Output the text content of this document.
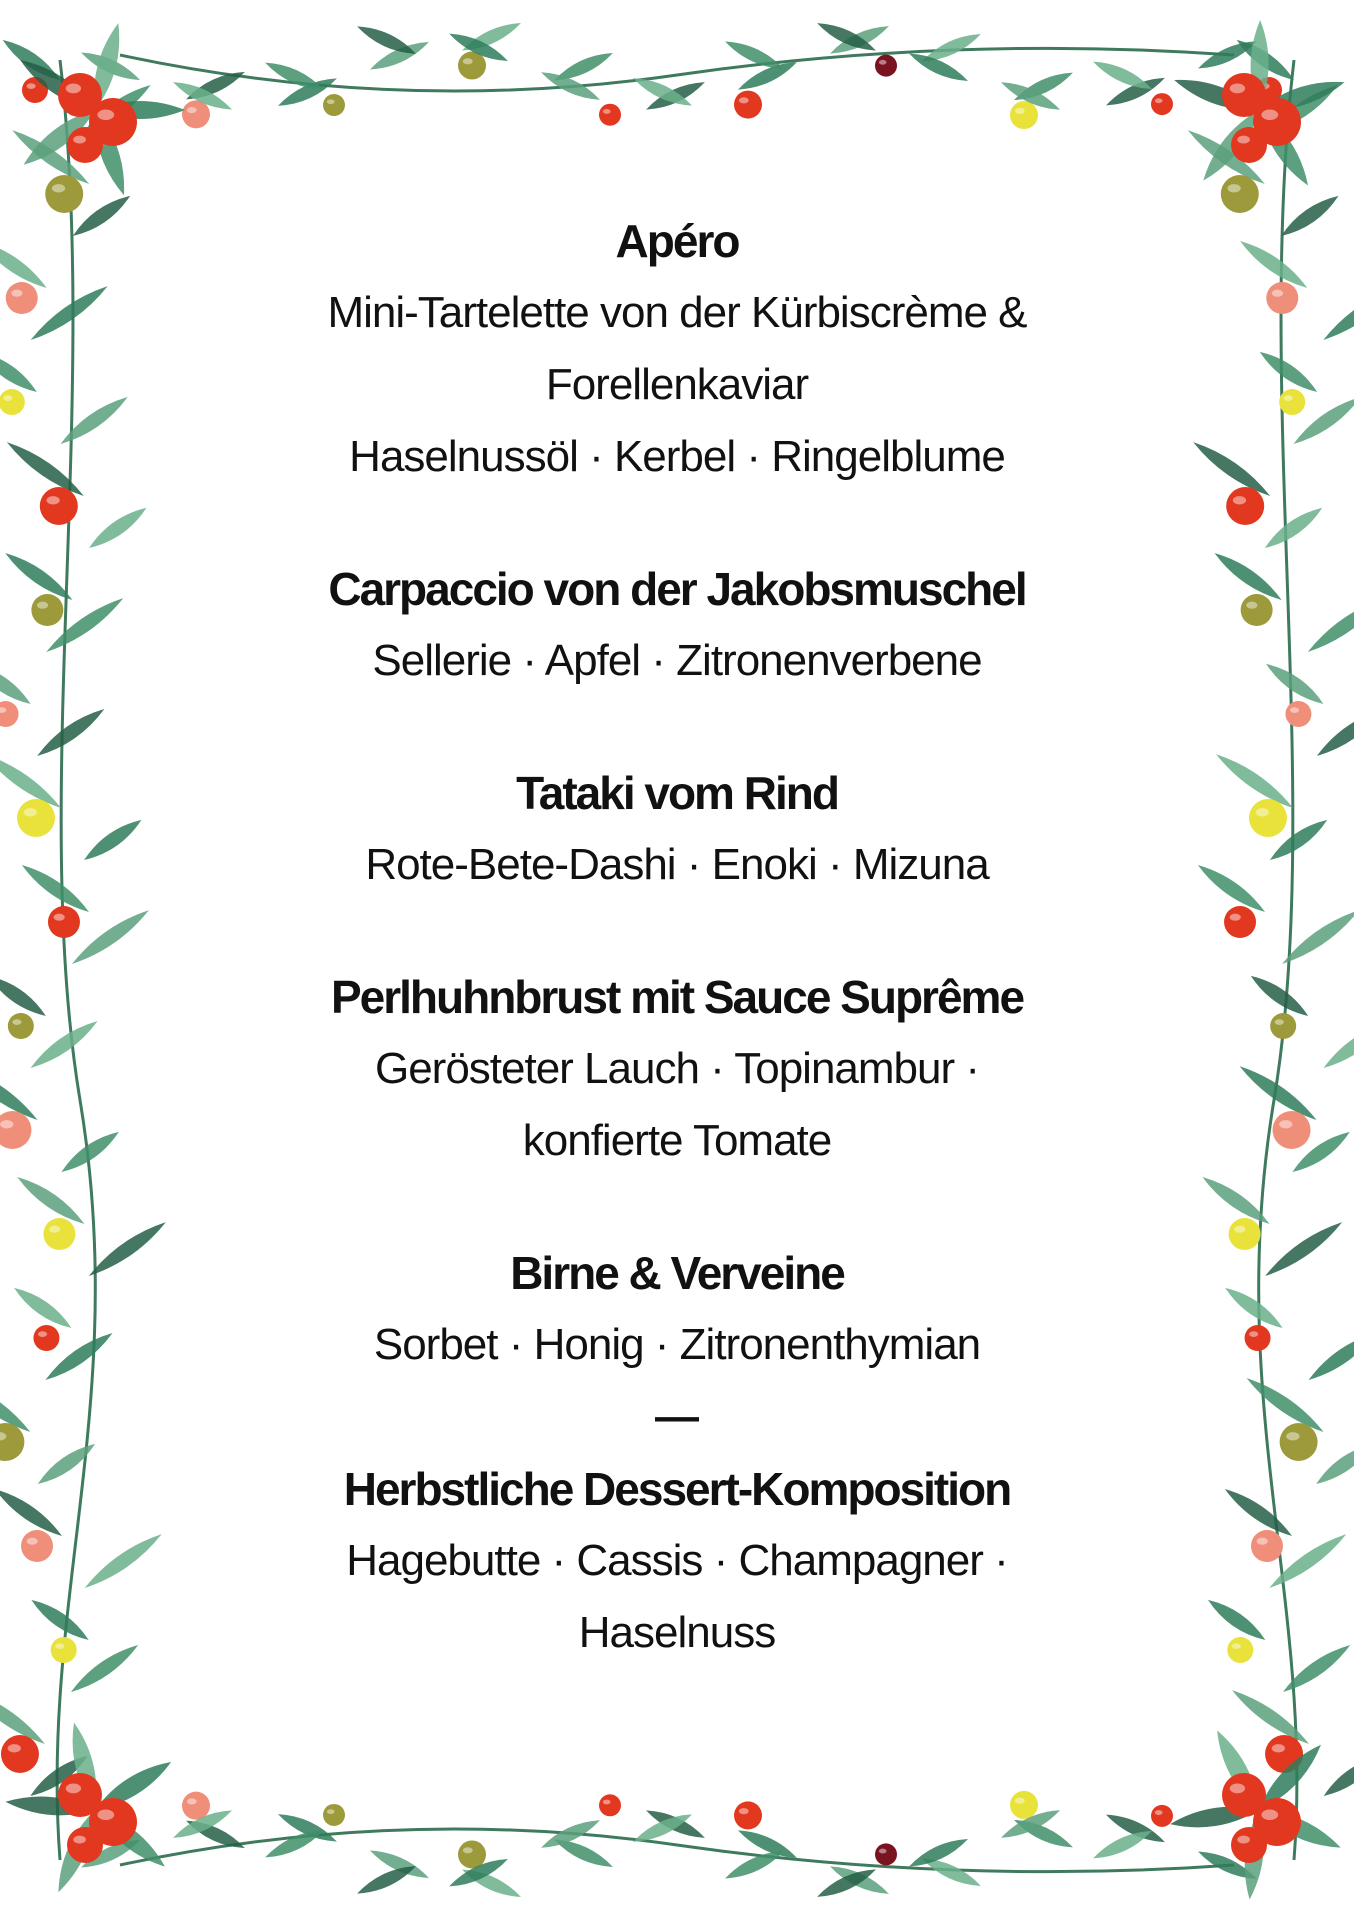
Apéro
Mini-Tartelette von der Kürbiscrème &
Forellenkaviar
Haselnussöl · Kerbel · Ringelblume
Carpaccio von der Jakobsmuschel
Sellerie · Apfel · Zitronenverbene
Tataki vom Rind
Rote-Bete-Dashi · Enoki · Mizuna
Perlhuhnbrust mit Sauce Suprême
Gerösteter Lauch · Topinambur ·
konfierte Tomate
Birne & Verveine
Sorbet · Honig · Zitronenthymian
—
Herbstliche Dessert-Komposition
Hagebutte · Cassis · Champagner ·
Haselnuss
